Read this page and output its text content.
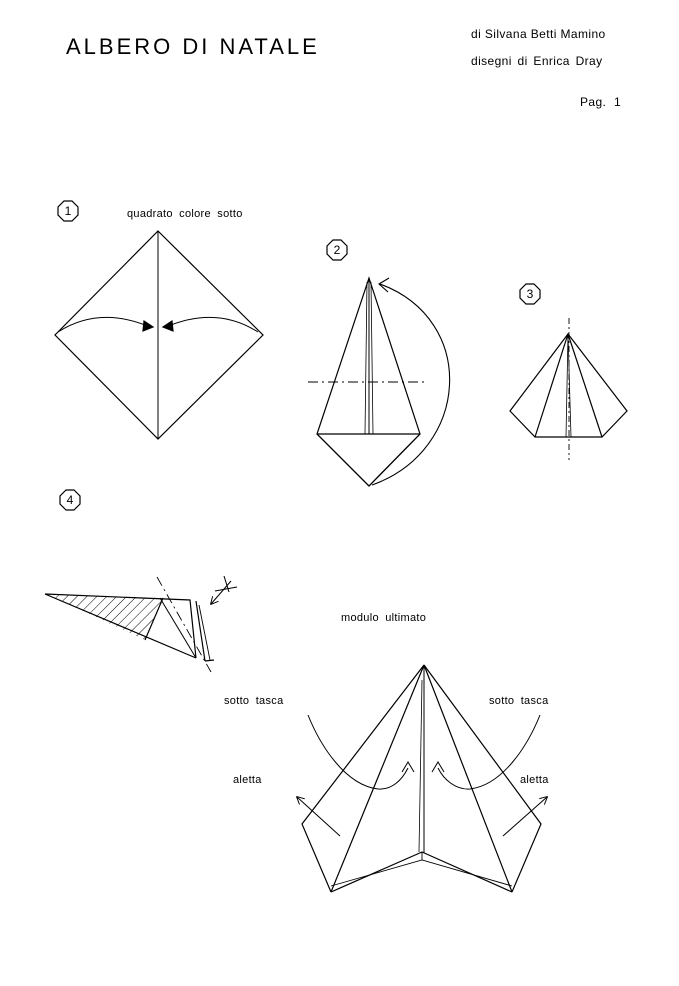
ALBERO DI NATALE	di Silvana Betti Mamino
disegni di Enrica Dray
Pag. 1
quadrato colore sotto
modulo ultimato
sotto tasca	sotto tasca
aletta	aletta
1
2
3
4
